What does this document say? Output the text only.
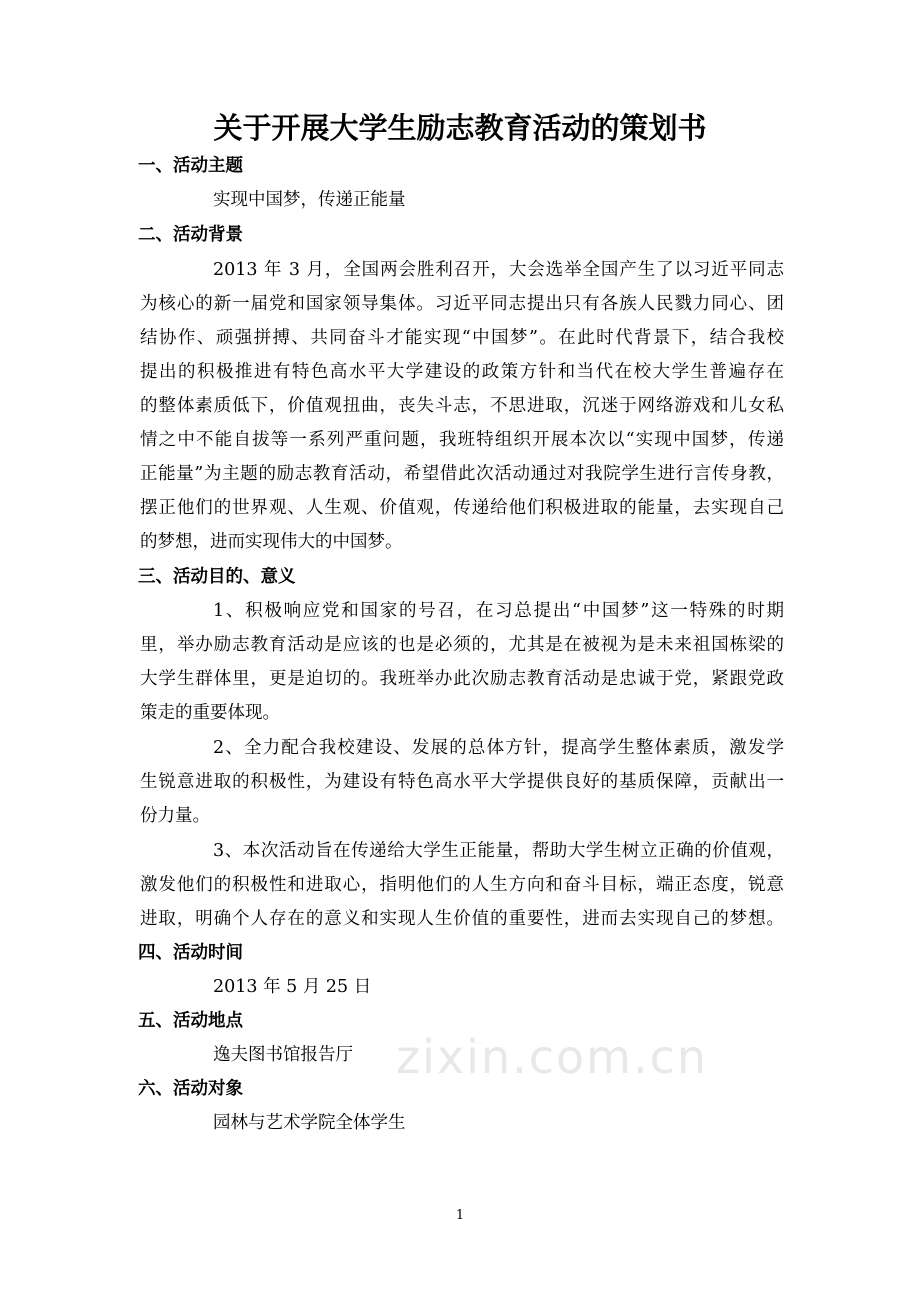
关于开展大学生励志教育活动的策划书
一、活动主题
实现中国梦，传递正能量
二、活动背景
2013 年 3 月，全国两会胜利召开，大会选举全国产生了以习近平同志
为核心的新一届党和国家领导集体。习近平同志提出只有各族人民戮力同心、团
结协作、顽强拼搏、共同奋斗才能实现“中国梦”。在此时代背景下，结合我校
提出的积极推进有特色高水平大学建设的政策方针和当代在校大学生普遍存在
的整体素质低下，价值观扭曲，丧失斗志，不思进取，沉迷于网络游戏和儿女私
情之中不能自拔等一系列严重问题，我班特组织开展本次以“实现中国梦，传递
正能量”为主题的励志教育活动，希望借此次活动通过对我院学生进行言传身教，
摆正他们的世界观、人生观、价值观，传递给他们积极进取的能量，去实现自己
的梦想，进而实现伟大的中国梦。
三、活动目的、意义
1、积极响应党和国家的号召，在习总提出“中国梦”这一特殊的时期
里，举办励志教育活动是应该的也是必须的，尤其是在被视为是未来祖国栋梁的
大学生群体里，更是迫切的。我班举办此次励志教育活动是忠诚于党，紧跟党政
策走的重要体现。
2、全力配合我校建设、发展的总体方针，提高学生整体素质，激发学
生锐意进取的积极性，为建设有特色高水平大学提供良好的基质保障，贡献出一
份力量。
3、本次活动旨在传递给大学生正能量，帮助大学生树立正确的价值观，
激发他们的积极性和进取心，指明他们的人生方向和奋斗目标，端正态度，锐意
进取，明确个人存在的意义和实现人生价值的重要性，进而去实现自己的梦想。
四、活动时间
2013 年 5 月 25 日
五、活动地点
逸夫图书馆报告厅
六、活动对象
园林与艺术学院全体学生
zixin.com.cn
1
